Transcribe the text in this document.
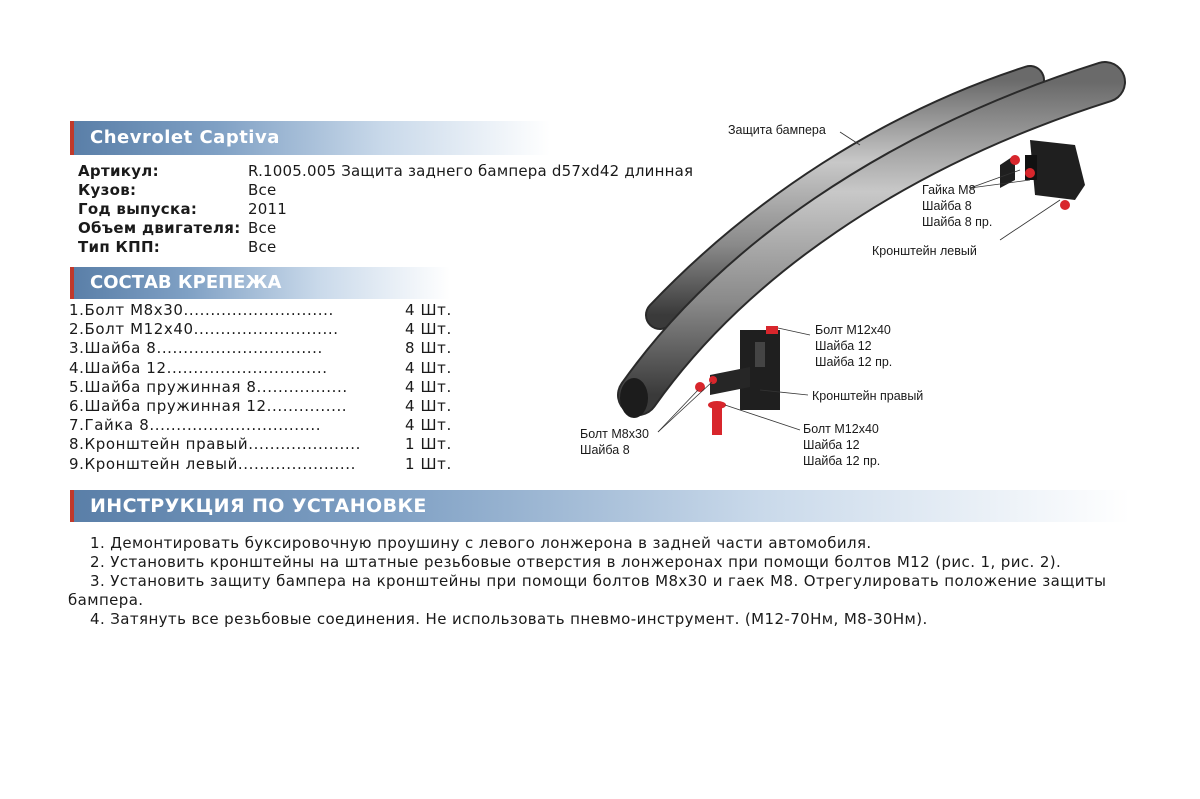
Chevrolet Captiva
Артикул:	R.1005.005 Защита заднего бампера d57xd42 длинная
Кузов:	Все
Год выпуска:	2011
Объем двигателя: Все
Тип КПП:	Все
СОСТАВ КРЕПЕЖА
1.Болт М8х30............................	4 Шт.
2.Болт М12х40...........................	4 Шт.
3.Шайба 8...............................	8 Шт.
4.Шайба 12..............................	4 Шт.
5.Шайба пружинная 8.................	4 Шт.
6.Шайба пружинная 12...............	4 Шт.
7.Гайка 8................................	4 Шт.
8.Кронштейн правый.....................	1 Шт.
9.Кронштейн левый......................	1 Шт.
Защита бампера
Гайка М8
Шайба 8
Шайба 8 пр.
Кронштейн левый
Болт М12х40
Шайба 12
Шайба 12 пр.
Кронштейн правый
Болт М8х30
Шайба 8
Болт М12х40
Шайба 12
Шайба 12 пр.
ИНСТРУКЦИЯ ПО УСТАНОВКЕ

1. Демонтировать буксировочную проушину с левого лонжерона в задней части автомобиля.

2. Установить кронштейны на штатные резьбовые отверстия в лонжеронах при помощи болтов М12 (рис. 1, рис. 2).

3. Установить защиту бампера на кронштейны при помощи болтов М8х30 и гаек М8. Отрегулировать положение защиты бампера.

4. Затянуть все резьбовые соединения. Не использовать пневмо-инструмент. (М12-70Нм, М8-30Нм).
